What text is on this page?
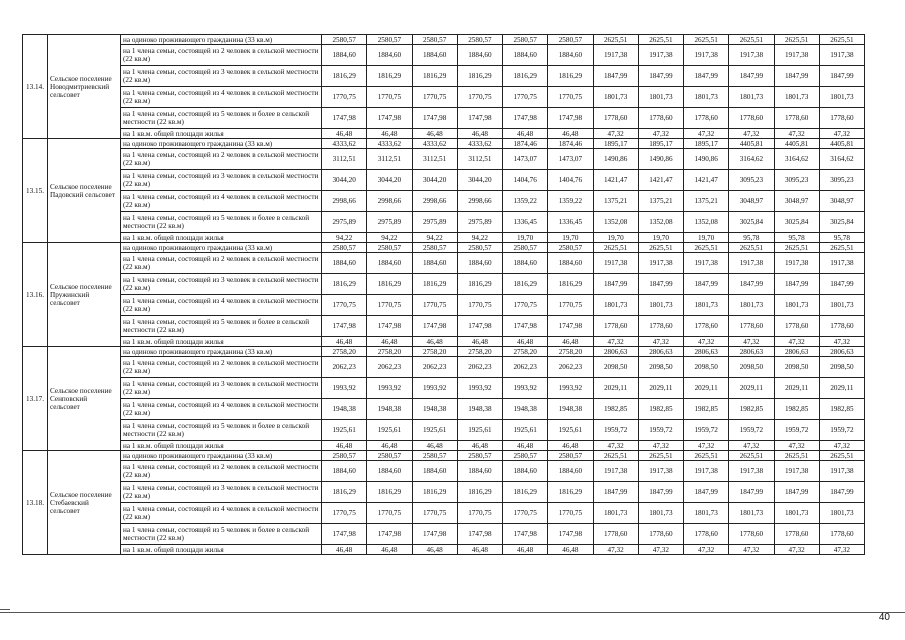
13.14.	Сельское поселение Новодмитриевский сельсовет	на одиноко проживающего гражданина (33 кв.м)	2580,57	2580,57	2580,57	2580,57	2580,57	2580,57	2625,51	2625,51	2625,51	2625,51	2625,51	2625,51
		на 1 члена семьи, состоящей из 2 человек в сельской местности (22 кв.м)	1884,60	1884,60	1884,60	1884,60	1884,60	1884,60	1917,38	1917,38	1917,38	1917,38	1917,38	1917,38
		на 1 члена семьи, состоящей из 3 человек в сельской местности (22 кв.м)	1816,29	1816,29	1816,29	1816,29	1816,29	1816,29	1847,99	1847,99	1847,99	1847,99	1847,99	1847,99
		на 1 члена семьи, состоящей из 4 человек в сельской местности (22 кв.м)	1770,75	1770,75	1770,75	1770,75	1770,75	1770,75	1801,73	1801,73	1801,73	1801,73	1801,73	1801,73
		на 1 члена семьи, состоящей из 5 человек и более в сельской местности (22 кв.м)	1747,98	1747,98	1747,98	1747,98	1747,98	1747,98	1778,60	1778,60	1778,60	1778,60	1778,60	1778,60
		на 1 кв.м. общей площади жилья	46,48	46,48	46,48	46,48	46,48	46,48	47,32	47,32	47,32	47,32	47,32	47,32
13.15.	Сельское поселение Падовский сельсовет	на одиноко проживающего гражданина (33 кв.м)	4333,62	4333,62	4333,62	4333,62	1874,46	1874,46	1895,17	1895,17	1895,17	4405,81	4405,81	4405,81
		на 1 члена семьи, состоящей из 2 человек в сельской местности (22 кв.м)	3112,51	3112,51	3112,51	3112,51	1473,07	1473,07	1490,86	1490,86	1490,86	3164,62	3164,62	3164,62
		на 1 члена семьи, состоящей из 3 человек в сельской местности (22 кв.м)	3044,20	3044,20	3044,20	3044,20	1404,76	1404,76	1421,47	1421,47	1421,47	3095,23	3095,23	3095,23
		на 1 члена семьи, состоящей из 4 человек в сельской местности (22 кв.м)	2998,66	2998,66	2998,66	2998,66	1359,22	1359,22	1375,21	1375,21	1375,21	3048,97	3048,97	3048,97
		на 1 члена семьи, состоящей из 5 человек и более в сельской местности (22 кв.м)	2975,89	2975,89	2975,89	2975,89	1336,45	1336,45	1352,08	1352,08	1352,08	3025,84	3025,84	3025,84
		на 1 кв.м. общей площади жилья	94,22	94,22	94,22	94,22	19,70	19,70	19,70	19,70	19,70	95,78	95,78	95,78
13.16.	Сельское поселение Пружинский сельсовет	на одиноко проживающего гражданина (33 кв.м)	2580,57	2580,57	2580,57	2580,57	2580,57	2580,57	2625,51	2625,51	2625,51	2625,51	2625,51	2625,51
		на 1 члена семьи, состоящей из 2 человек в сельской местности (22 кв.м)	1884,60	1884,60	1884,60	1884,60	1884,60	1884,60	1917,38	1917,38	1917,38	1917,38	1917,38	1917,38
		на 1 члена семьи, состоящей из 3 человек в сельской местности (22 кв.м)	1816,29	1816,29	1816,29	1816,29	1816,29	1816,29	1847,99	1847,99	1847,99	1847,99	1847,99	1847,99
		на 1 члена семьи, состоящей из 4 человек в сельской местности (22 кв.м)	1770,75	1770,75	1770,75	1770,75	1770,75	1770,75	1801,73	1801,73	1801,73	1801,73	1801,73	1801,73
		на 1 члена семьи, состоящей из 5 человек и более в сельской местности (22 кв.м)	1747,98	1747,98	1747,98	1747,98	1747,98	1747,98	1778,60	1778,60	1778,60	1778,60	1778,60	1778,60
		на 1 кв.м. общей площади жилья	46,48	46,48	46,48	46,48	46,48	46,48	47,32	47,32	47,32	47,32	47,32	47,32
13.17.	Сельское поселение Сенповский сельсовет	на одиноко проживающего гражданина (33 кв.м)	2758,20	2758,20	2758,20	2758,20	2758,20	2758,20	2806,63	2806,63	2806,63	2806,63	2806,63	2806,63
		на 1 члена семьи, состоящей из 2 человек в сельской местности (22 кв.м)	2062,23	2062,23	2062,23	2062,23	2062,23	2062,23	2098,50	2098,50	2098,50	2098,50	2098,50	2098,50
		на 1 члена семьи, состоящей из 3 человек в сельской местности (22 кв.м)	1993,92	1993,92	1993,92	1993,92	1993,92	1993,92	2029,11	2029,11	2029,11	2029,11	2029,11	2029,11
		на 1 члена семьи, состоящей из 4 человек в сельской местности (22 кв.м)	1948,38	1948,38	1948,38	1948,38	1948,38	1948,38	1982,85	1982,85	1982,85	1982,85	1982,85	1982,85
		на 1 члена семьи, состоящей из 5 человек и более в сельской местности (22 кв.м)	1925,61	1925,61	1925,61	1925,61	1925,61	1925,61	1959,72	1959,72	1959,72	1959,72	1959,72	1959,72
		на 1 кв.м. общей площади жилья	46,48	46,48	46,48	46,48	46,48	46,48	47,32	47,32	47,32	47,32	47,32	47,32
13.18.	Сельское поселение Стебаевский сельсовет	на одиноко проживающего гражданина (33 кв.м)	2580,57	2580,57	2580,57	2580,57	2580,57	2580,57	2625,51	2625,51	2625,51	2625,51	2625,51	2625,51
		на 1 члена семьи, состоящей из 2 человек в сельской местности (22 кв.м)	1884,60	1884,60	1884,60	1884,60	1884,60	1884,60	1917,38	1917,38	1917,38	1917,38	1917,38	1917,38
		на 1 члена семьи, состоящей из 3 человек в сельской местности (22 кв.м)	1816,29	1816,29	1816,29	1816,29	1816,29	1816,29	1847,99	1847,99	1847,99	1847,99	1847,99	1847,99
		на 1 члена семьи, состоящей из 4 человек в сельской местности (22 кв.м)	1770,75	1770,75	1770,75	1770,75	1770,75	1770,75	1801,73	1801,73	1801,73	1801,73	1801,73	1801,73
		на 1 члена семьи, состоящей из 5 человек и более в сельской местности (22 кв.м)	1747,98	1747,98	1747,98	1747,98	1747,98	1747,98	1778,60	1778,60	1778,60	1778,60	1778,60	1778,60
		на 1 кв.м. общей площади жилья	46,48	46,48	46,48	46,48	46,48	46,48	47,32	47,32	47,32	47,32	47,32	47,32
40
